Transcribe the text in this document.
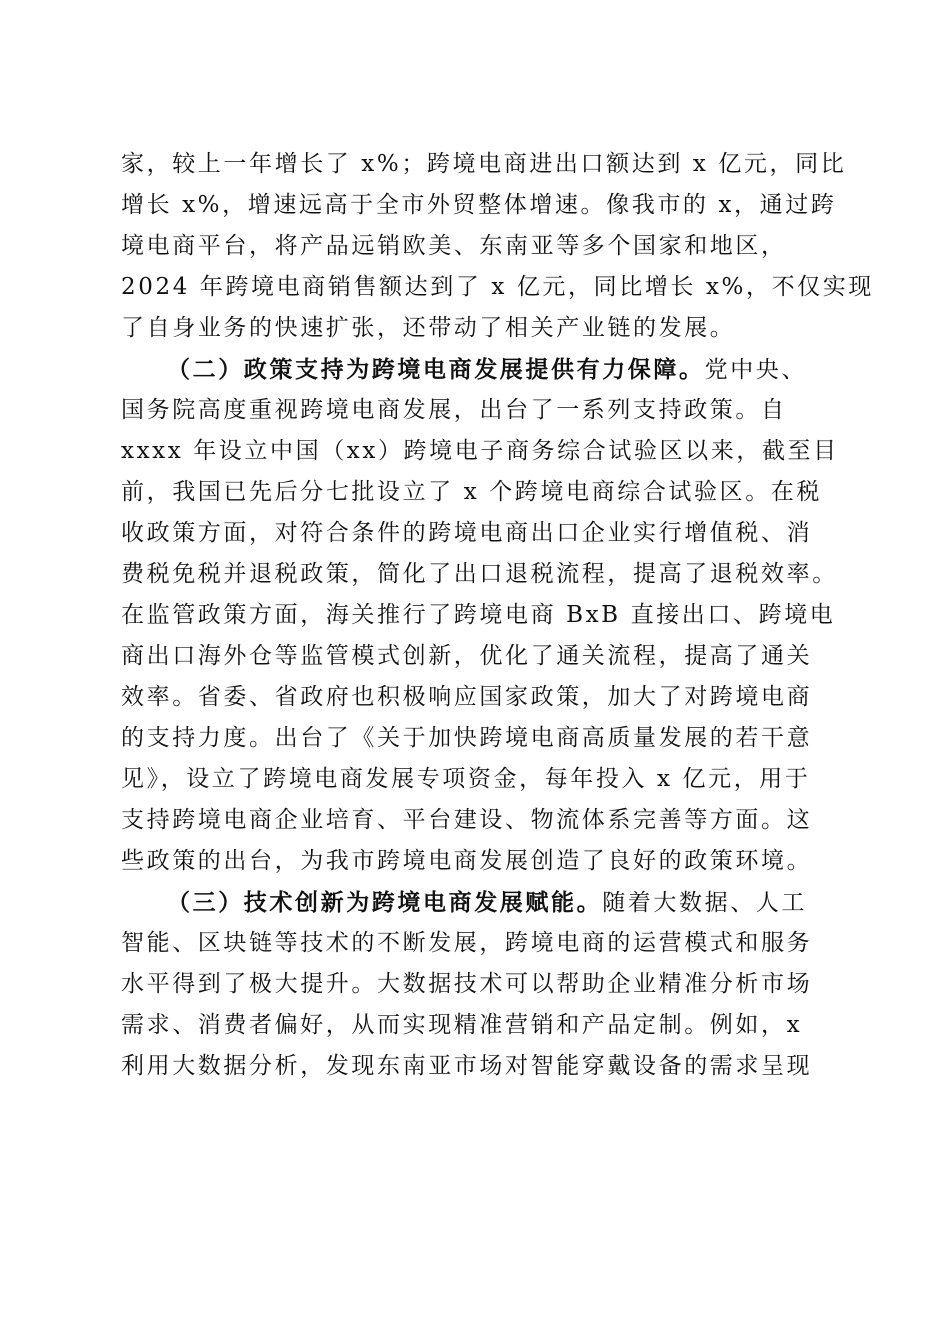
家，较上一年增长了 x%；跨境电商进出口额达到 x 亿元，同比
增长 x%，增速远高于全市外贸整体增速。像我市的 x，通过跨
境电商平台，将产品远销欧美、东南亚等多个国家和地区，
2024 年跨境电商销售额达到了 x 亿元，同比增长 x%，不仅实现
了自身业务的快速扩张，还带动了相关产业链的发展。
（二）政策支持为跨境电商发展提供有力保障。党中央、
国务院高度重视跨境电商发展，出台了一系列支持政策。自
xxxx 年设立中国（xx）跨境电子商务综合试验区以来，截至目
前，我国已先后分七批设立了 x 个跨境电商综合试验区。在税
收政策方面，对符合条件的跨境电商出口企业实行增值税、消
费税免税并退税政策，简化了出口退税流程，提高了退税效率。
在监管政策方面，海关推行了跨境电商 BxB 直接出口、跨境电
商出口海外仓等监管模式创新，优化了通关流程，提高了通关
效率。省委、省政府也积极响应国家政策，加大了对跨境电商
的支持力度。出台了《关于加快跨境电商高质量发展的若干意
见》，设立了跨境电商发展专项资金，每年投入 x 亿元，用于
支持跨境电商企业培育、平台建设、物流体系完善等方面。这
些政策的出台，为我市跨境电商发展创造了良好的政策环境。
（三）技术创新为跨境电商发展赋能。随着大数据、人工
智能、区块链等技术的不断发展，跨境电商的运营模式和服务
水平得到了极大提升。大数据技术可以帮助企业精准分析市场
需求、消费者偏好，从而实现精准营销和产品定制。例如，x
利用大数据分析，发现东南亚市场对智能穿戴设备的需求呈现
